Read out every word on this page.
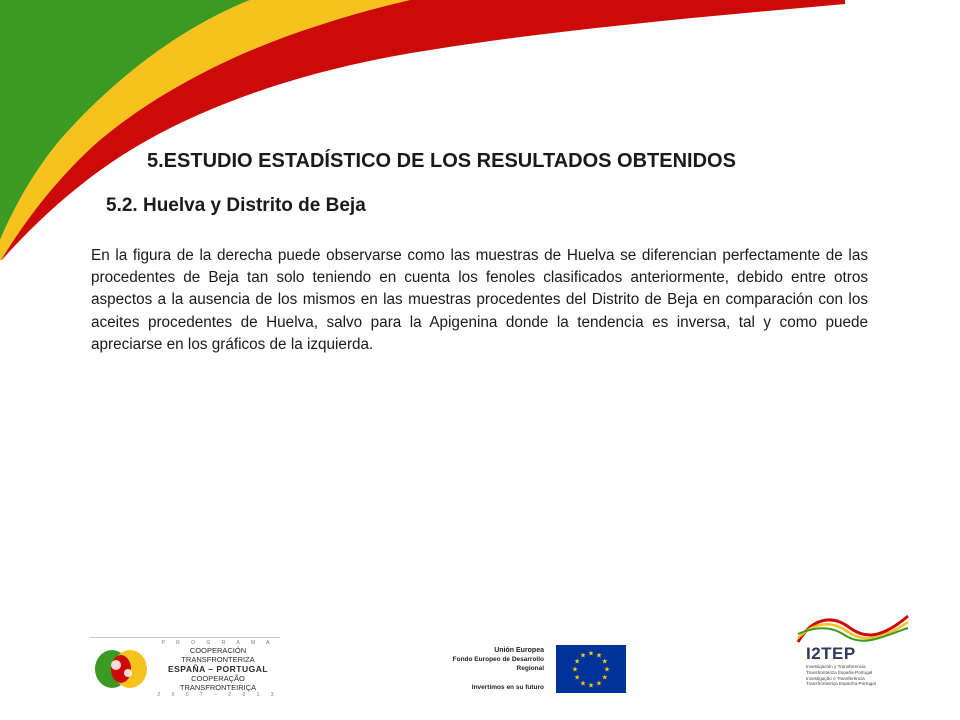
5.ESTUDIO ESTADÍSTICO DE LOS RESULTADOS OBTENIDOS
5.2. Huelva y Distrito de Beja

En la figura de la derecha puede observarse como las muestras de Huelva se diferencian perfectamente de las procedentes de Beja tan solo teniendo en cuenta los fenoles clasificados anteriormente, debido entre otros aspectos a la ausencia de los mismos en las muestras procedentes del Distrito de Beja en comparación con los aceites procedentes de Huelva, salvo para la Apigenina donde la tendencia es inversa, tal y como puede apreciarse en los gráficos de la izquierda.

P R O G R A M A
COOPERACIÓN TRANSFRONTERIZA
ESPAÑA – PORTUGAL
COOPERAÇÃO TRANSFRONTEIRIÇA
2 0 0 7 – 2 0 1 3
Unión Europea
Fondo Europeo de Desarrollo
Regional
Invertimos en su futuro
★ ★
★
★
★
★
★
★
★
★
★
★	I2TEP
Investigación y Transferencia
Transfronteriza España-Portugal
Investigação e Transferência
Transfronteiriça Espanha-Portugal
